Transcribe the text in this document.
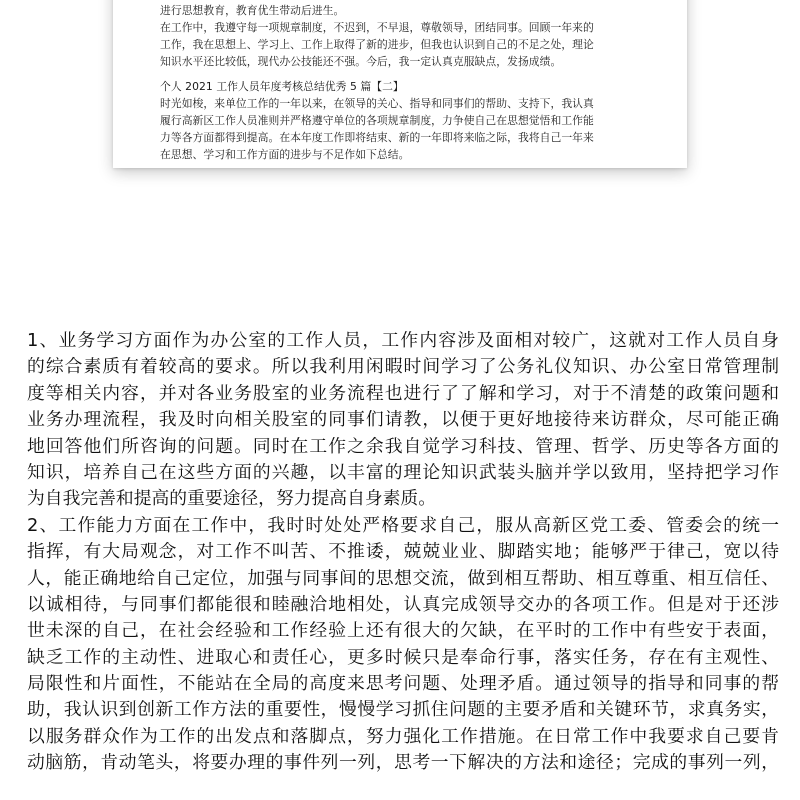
进行思想教育，教育优生带动后进生。
在工作中，我遵守每一项规章制度，不迟到，不早退，尊敬领导，团结同事。回顾一年来的
工作，我在思想上、学习上、工作上取得了新的进步，但我也认识到自己的不足之处，理论
知识水平还比较低，现代办公技能还不强。今后，我一定认真克服缺点，发扬成绩。
个人 2021 工作人员年度考核总结优秀 5 篇【二】
时光如梭，来单位工作的一年以来，在领导的关心、指导和同事们的帮助、支持下，我认真
履行高新区工作人员准则并严格遵守单位的各项规章制度，力争使自己在思想觉悟和工作能
力等各方面都得到提高。在本年度工作即将结束、新的一年即将来临之际，我将自己一年来
在思想、学习和工作方面的进步与不足作如下总结。
1、业务学习方面作为办公室的工作人员，工作内容涉及面相对较广，这就对工作人员自身
的综合素质有着较高的要求。所以我利用闲暇时间学习了公务礼仪知识、办公室日常管理制
度等相关内容，并对各业务股室的业务流程也进行了了解和学习，对于不清楚的政策问题和
业务办理流程，我及时向相关股室的同事们请教，以便于更好地接待来访群众，尽可能正确
地回答他们所咨询的问题。同时在工作之余我自觉学习科技、管理、哲学、历史等各方面的
知识，培养自己在这些方面的兴趣，以丰富的理论知识武装头脑并学以致用，坚持把学习作
为自我完善和提高的重要途径，努力提高自身素质。
2、工作能力方面在工作中，我时时处处严格要求自己，服从高新区党工委、管委会的统一
指挥，有大局观念，对工作不叫苦、不推诿，兢兢业业、脚踏实地；能够严于律己，宽以待
人，能正确地给自己定位，加强与同事间的思想交流，做到相互帮助、相互尊重、相互信任、
以诚相待，与同事们都能很和睦融洽地相处，认真完成领导交办的各项工作。但是对于还涉
世未深的自己，在社会经验和工作经验上还有很大的欠缺，在平时的工作中有些安于表面，
缺乏工作的主动性、进取心和责任心，更多时候只是奉命行事，落实任务，存在有主观性、
局限性和片面性，不能站在全局的高度来思考问题、处理矛盾。通过领导的指导和同事的帮
助，我认识到创新工作方法的重要性，慢慢学习抓住问题的主要矛盾和关键环节，求真务实，
以服务群众作为工作的出发点和落脚点，努力强化工作措施。在日常工作中我要求自己要肯
动脑筋，肯动笔头，将要办理的事件列一列，思考一下解决的方法和途径；完成的事列一列，
